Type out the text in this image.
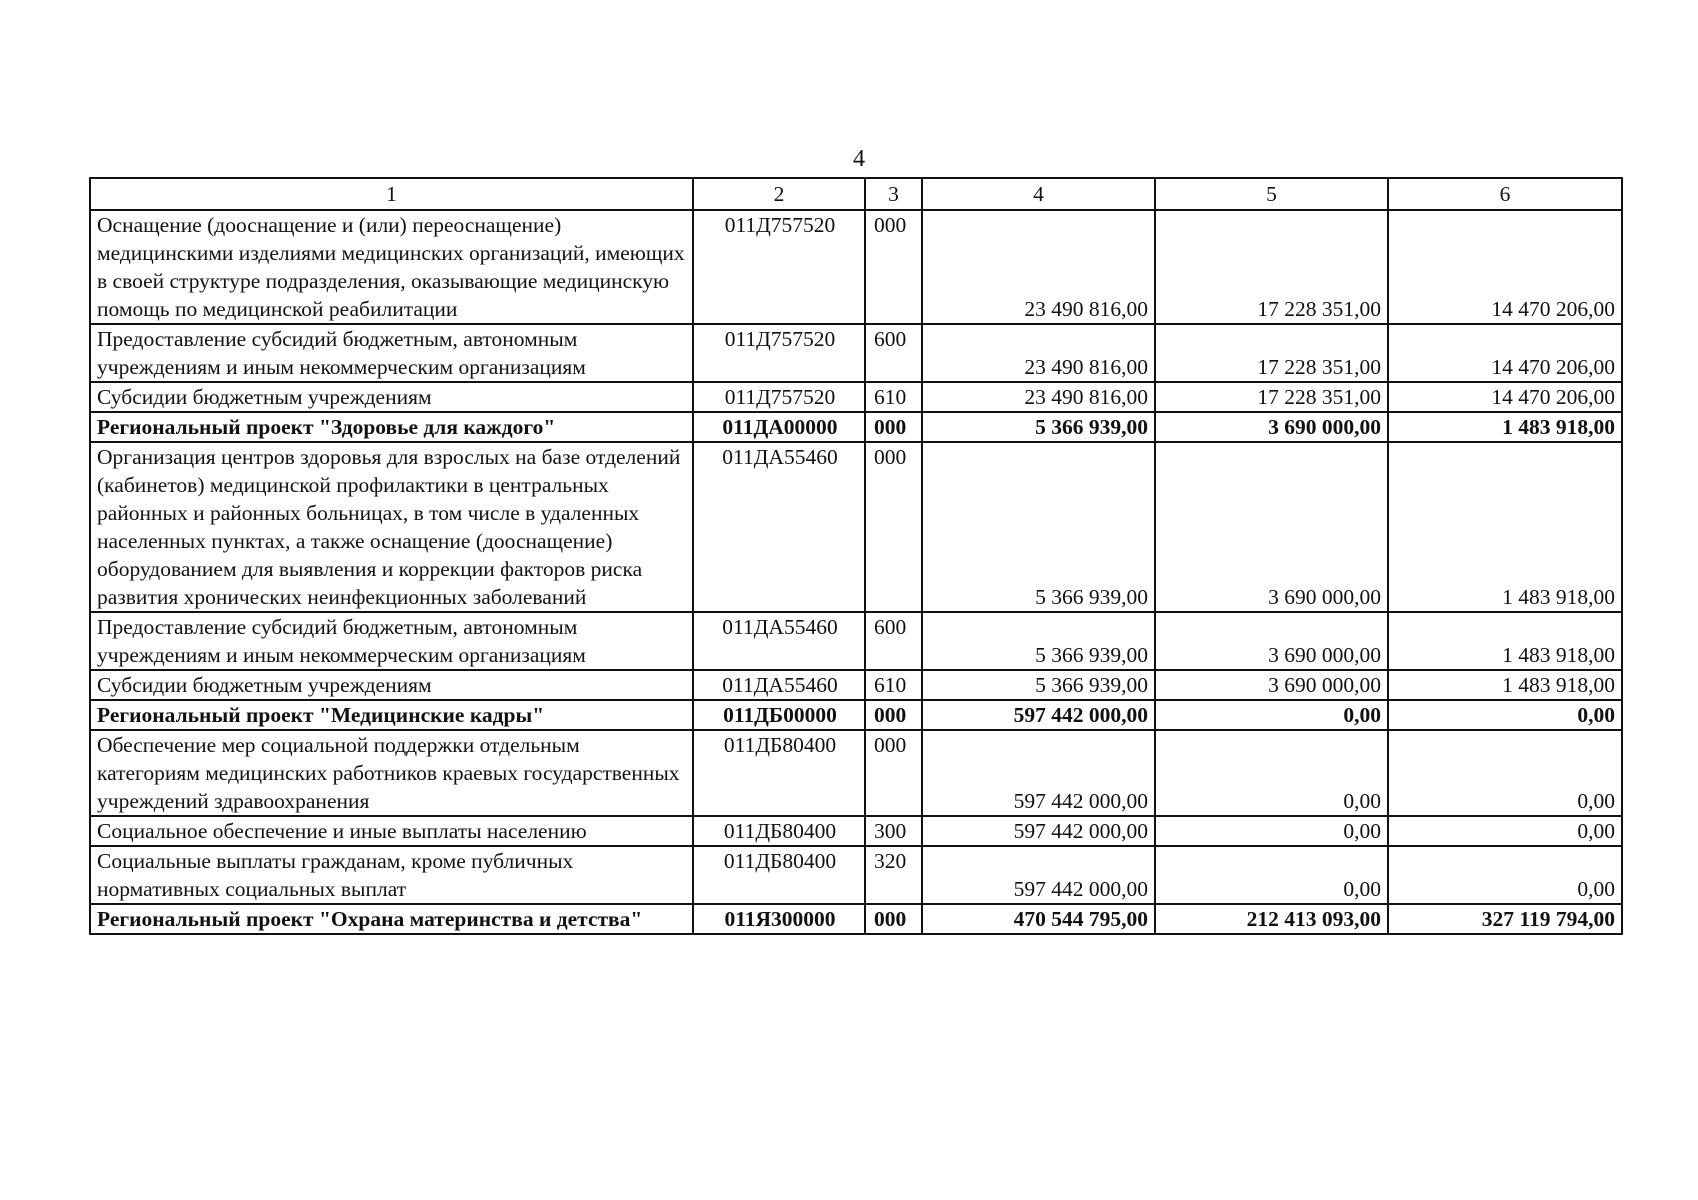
4
1	2	3	4	5	6
Оснащение (дооснащение и (или) переоснащение) медицинскими изделиями медицинских организаций, имеющих в своей структуре подразделения, оказывающие медицинскую помощь по медицинской реабилитации	011Д757520	000	23 490 816,00	17 228 351,00	14 470 206,00
Предоставление субсидий бюджетным, автономным учреждениям и иным некоммерческим организациям	011Д757520	600	23 490 816,00	17 228 351,00	14 470 206,00
Субсидии бюджетным учреждениям	011Д757520	610	23 490 816,00	17 228 351,00	14 470 206,00
Региональный проект "Здоровье для каждого"	011ДА00000	000	5 366 939,00	3 690 000,00	1 483 918,00
Организация центров здоровья для взрослых на базе отделений (кабинетов) медицинской профилактики в центральных районных и районных больницах, в том числе в удаленных населенных пунктах, а также оснащение (дооснащение) оборудованием для выявления и коррекции факторов риска развития хронических неинфекционных заболеваний	011ДА55460	000	5 366 939,00	3 690 000,00	1 483 918,00
Предоставление субсидий бюджетным, автономным учреждениям и иным некоммерческим организациям	011ДА55460	600	5 366 939,00	3 690 000,00	1 483 918,00
Субсидии бюджетным учреждениям	011ДА55460	610	5 366 939,00	3 690 000,00	1 483 918,00
Региональный проект "Медицинские кадры"	011ДБ00000	000	597 442 000,00	0,00	0,00
Обеспечение мер социальной поддержки отдельным категориям медицинских работников краевых государственных учреждений здравоохранения	011ДБ80400	000	597 442 000,00	0,00	0,00
Социальное обеспечение и иные выплаты населению	011ДБ80400	300	597 442 000,00	0,00	0,00
Социальные выплаты гражданам, кроме публичных нормативных социальных выплат	011ДБ80400	320	597 442 000,00	0,00	0,00
Региональный проект "Охрана материнства и детства"	011Я300000	000	470 544 795,00	212 413 093,00	327 119 794,00
